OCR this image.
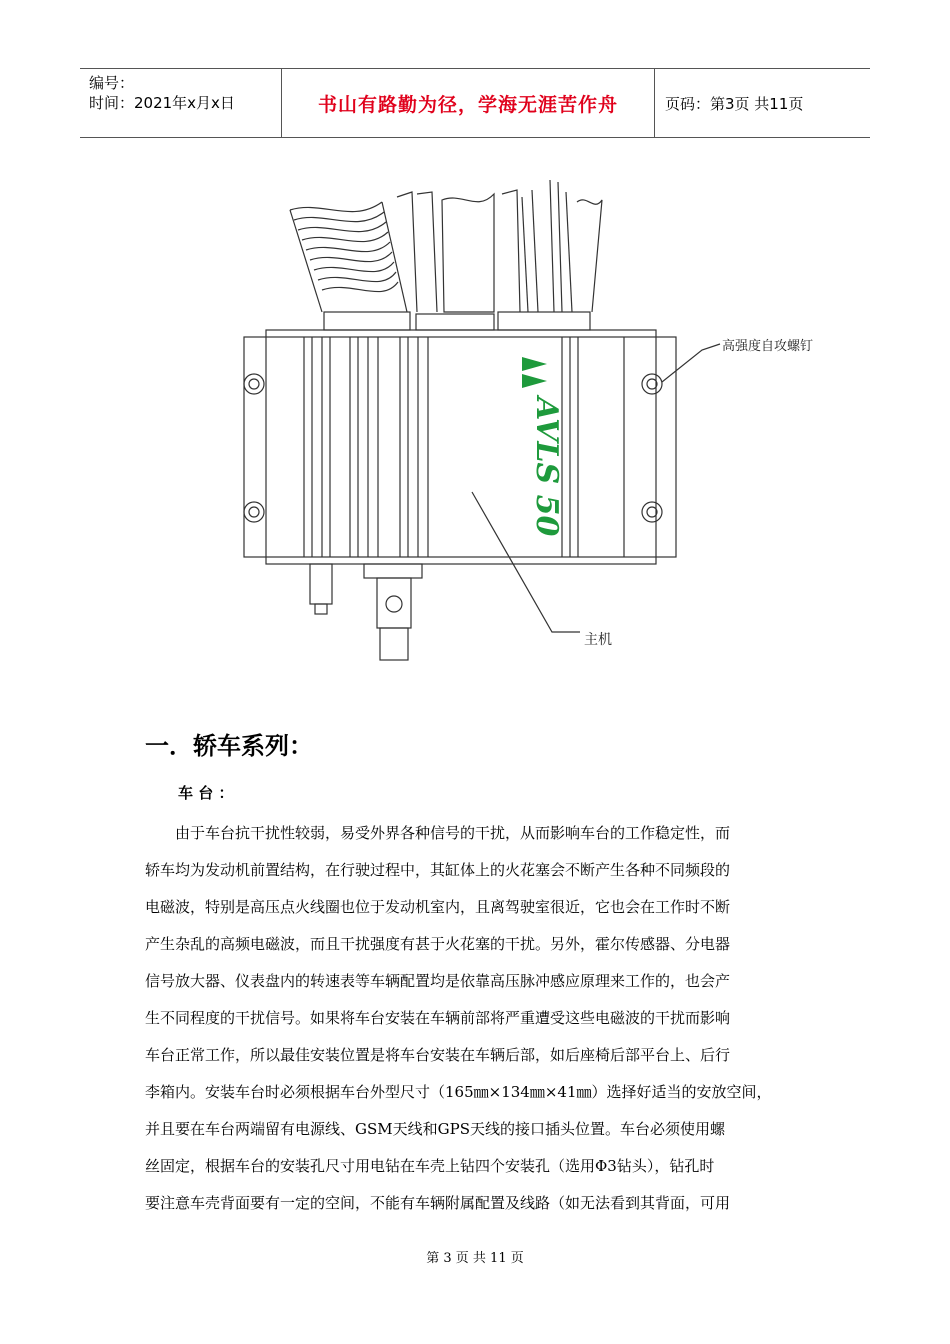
编号：
时间：2021年x月x日	书山有路勤为径，学海无涯苦作舟	页码：第3页 共11页
AVLS 50
高强度自攻螺钉
主机
一．轿车系列：
车 台 ：
由于车台抗干扰性较弱，易受外界各种信号的干扰，从而影响车台的工作稳定性，而
轿车均为发动机前置结构，在行驶过程中，其缸体上的火花塞会不断产生各种不同频段的
电磁波，特别是高压点火线圈也位于发动机室内，且离驾驶室很近，它也会在工作时不断
产生杂乱的高频电磁波，而且干扰强度有甚于火花塞的干扰。另外，霍尔传感器、分电器
信号放大器、仪表盘内的转速表等车辆配置均是依靠高压脉冲感应原理来工作的，也会产
生不同程度的干扰信号。如果将车台安装在车辆前部将严重遭受这些电磁波的干扰而影响
车台正常工作，所以最佳安装位置是将车台安装在车辆后部，如后座椅后部平台上、后行
李箱内。安装车台时必须根据车台外型尺寸（165㎜×134㎜×41㎜）选择好适当的安放空间，
并且要在车台两端留有电源线、GSM天线和GPS天线的接口插头位置。车台必须使用螺
丝固定，根据车台的安装孔尺寸用电钻在车壳上钻四个安装孔（选用Φ3钻头），钻孔时
要注意车壳背面要有一定的空间，不能有车辆附属配置及线路（如无法看到其背面，可用
第 3 页 共 11 页
